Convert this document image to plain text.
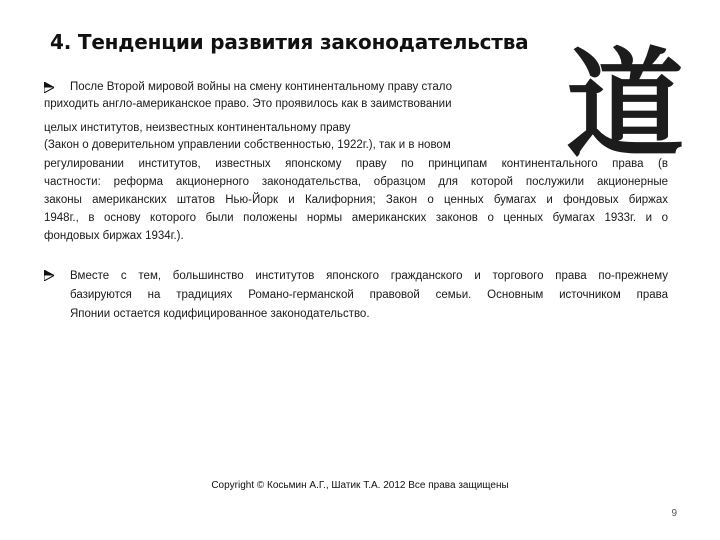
4. Тенденции развития законодательства 道
После Второй мировой войны на смену континентальному праву стало
приходить англо-американское право. Это проявилось как в заимствовании
целых институтов, неизвестных континентальному праву
(Закон о доверительном управлении собственностью, 1922г.), так и в новом
регулировании институтов, известных японскому праву по принципам континентального права (в
частности: реформа акционерного законодательства, образцом для которой послужили акционерные
законы американских штатов Нью-Йорк и Калифорния; Закон о ценных бумагах и фондовых биржах
1948г., в основу которого были положены нормы американских законов о ценных бумагах 1933г. и о
фондовых биржах 1934г.).
Вместе с тем, большинство институтов японского гражданского и торгового права по-прежнему
базируются на традициях Романо-германской правовой семьи. Основным источником права
Японии остается кодифицированное законодательство.
Copyright © Косьмин А.Г., Шатик Т.А. 2012 Все права защищены
9
